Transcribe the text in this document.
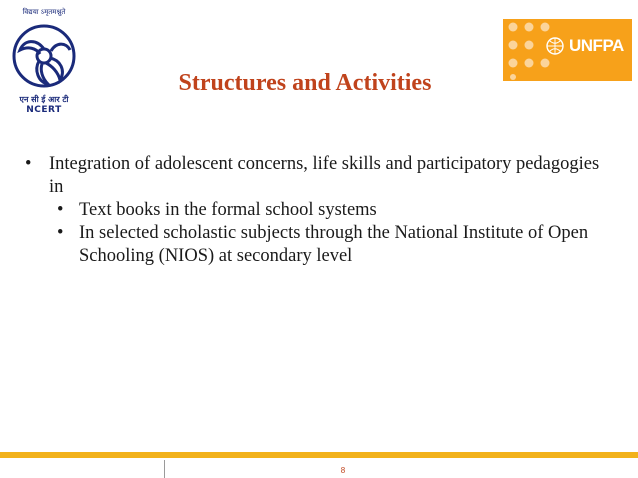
विद्यया ऽमृतमश्नुते
एन सी ई आर टी
NCERT
UNFPA
Structures and Activities
• Integration of adolescent concerns, life skills and participatory pedagogies in
• Text books in the formal school systems
• In selected scholastic subjects through the National Institute of Open Schooling (NIOS) at secondary level
8
